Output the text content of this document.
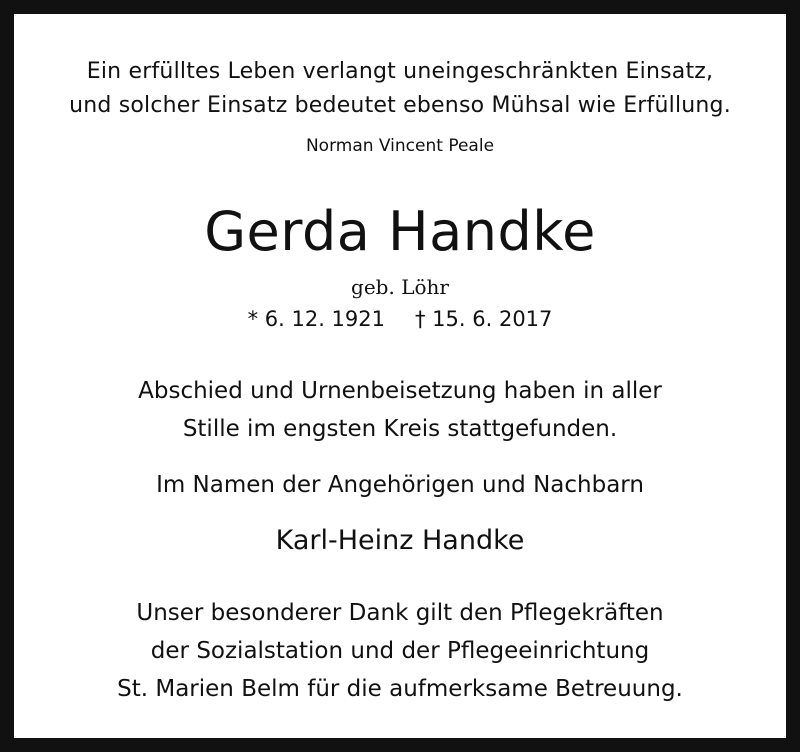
Ein erfülltes Leben verlangt uneingeschränkten Einsatz,
und solcher Einsatz bedeutet ebenso Mühsal wie Erfüllung.
Norman Vincent Peale
Gerda Handke
geb. Löhr
* 6. 12. 1921 † 15. 6. 2017
Abschied und Urnenbeisetzung haben in aller
Stille im engsten Kreis stattgefunden.
Im Namen der Angehörigen und Nachbarn
Karl-Heinz Handke
Unser besonderer Dank gilt den Pflegekräften
der Sozialstation und der Pflegeeinrichtung
St. Marien Belm für die aufmerksame Betreuung.
